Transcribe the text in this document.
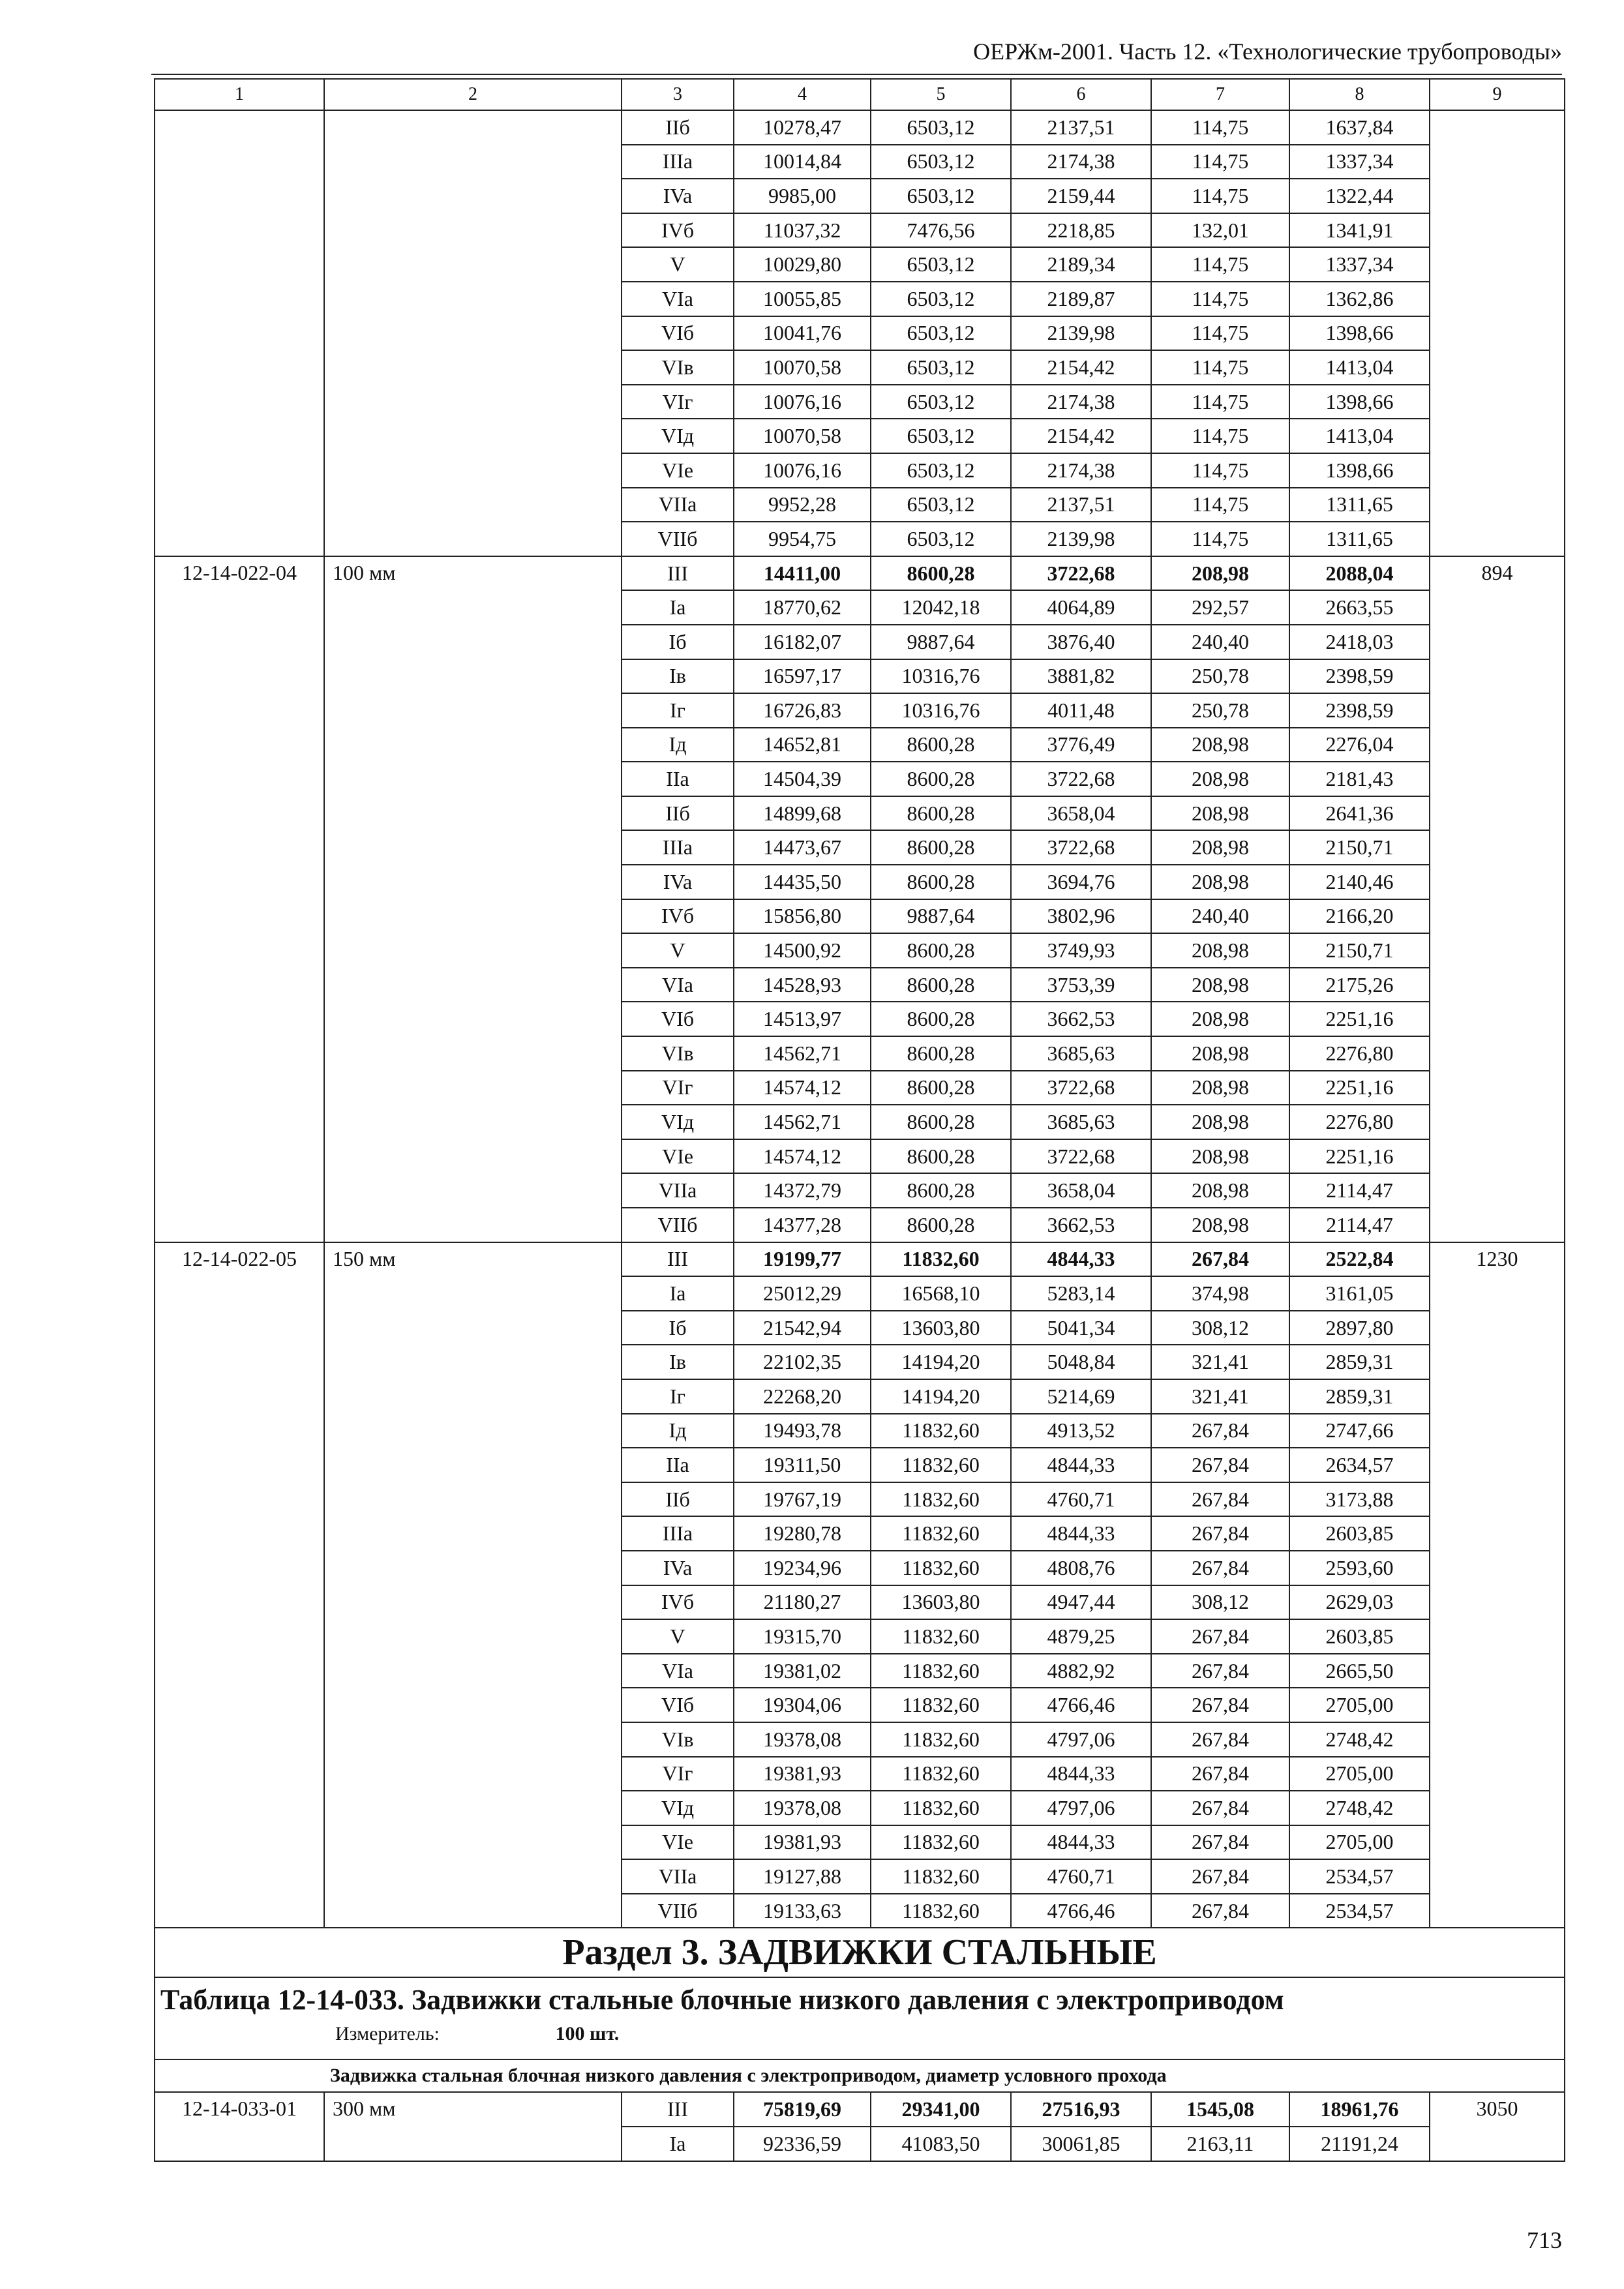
ОЕРЖм-2001. Часть 12. «Технологические трубопроводы»
1	2	3	4	5	6	7	8	9
		IIб	10278,47	6503,12	2137,51	114,75	1637,84	
		IIIa	10014,84	6503,12	2174,38	114,75	1337,34	
		IVa	9985,00	6503,12	2159,44	114,75	1322,44	
		IVб	11037,32	7476,56	2218,85	132,01	1341,91	
		V	10029,80	6503,12	2189,34	114,75	1337,34	
		VIa	10055,85	6503,12	2189,87	114,75	1362,86	
		VIб	10041,76	6503,12	2139,98	114,75	1398,66	
		VIв	10070,58	6503,12	2154,42	114,75	1413,04	
		VIг	10076,16	6503,12	2174,38	114,75	1398,66	
		VIд	10070,58	6503,12	2154,42	114,75	1413,04	
		VIe	10076,16	6503,12	2174,38	114,75	1398,66	
		VIIa	9952,28	6503,12	2137,51	114,75	1311,65	
		VIIб	9954,75	6503,12	2139,98	114,75	1311,65	
12-14-022-04	100 мм	III	14411,00	8600,28	3722,68	208,98	2088,04	894
		Ia	18770,62	12042,18	4064,89	292,57	2663,55	
		Iб	16182,07	9887,64	3876,40	240,40	2418,03	
		Iв	16597,17	10316,76	3881,82	250,78	2398,59	
		Iг	16726,83	10316,76	4011,48	250,78	2398,59	
		Iд	14652,81	8600,28	3776,49	208,98	2276,04	
		IIa	14504,39	8600,28	3722,68	208,98	2181,43	
		IIб	14899,68	8600,28	3658,04	208,98	2641,36	
		IIIa	14473,67	8600,28	3722,68	208,98	2150,71	
		IVa	14435,50	8600,28	3694,76	208,98	2140,46	
		IVб	15856,80	9887,64	3802,96	240,40	2166,20	
		V	14500,92	8600,28	3749,93	208,98	2150,71	
		VIa	14528,93	8600,28	3753,39	208,98	2175,26	
		VIб	14513,97	8600,28	3662,53	208,98	2251,16	
		VIв	14562,71	8600,28	3685,63	208,98	2276,80	
		VIг	14574,12	8600,28	3722,68	208,98	2251,16	
		VIд	14562,71	8600,28	3685,63	208,98	2276,80	
		VIe	14574,12	8600,28	3722,68	208,98	2251,16	
		VIIa	14372,79	8600,28	3658,04	208,98	2114,47	
		VIIб	14377,28	8600,28	3662,53	208,98	2114,47	
12-14-022-05	150 мм	III	19199,77	11832,60	4844,33	267,84	2522,84	1230
		Ia	25012,29	16568,10	5283,14	374,98	3161,05	
		Iб	21542,94	13603,80	5041,34	308,12	2897,80	
		Iв	22102,35	14194,20	5048,84	321,41	2859,31	
		Iг	22268,20	14194,20	5214,69	321,41	2859,31	
		Iд	19493,78	11832,60	4913,52	267,84	2747,66	
		IIa	19311,50	11832,60	4844,33	267,84	2634,57	
		IIб	19767,19	11832,60	4760,71	267,84	3173,88	
		IIIa	19280,78	11832,60	4844,33	267,84	2603,85	
		IVa	19234,96	11832,60	4808,76	267,84	2593,60	
		IVб	21180,27	13603,80	4947,44	308,12	2629,03	
		V	19315,70	11832,60	4879,25	267,84	2603,85	
		VIa	19381,02	11832,60	4882,92	267,84	2665,50	
		VIб	19304,06	11832,60	4766,46	267,84	2705,00	
		VIв	19378,08	11832,60	4797,06	267,84	2748,42	
		VIг	19381,93	11832,60	4844,33	267,84	2705,00	
		VIд	19378,08	11832,60	4797,06	267,84	2748,42	
		VIe	19381,93	11832,60	4844,33	267,84	2705,00	
		VIIa	19127,88	11832,60	4760,71	267,84	2534,57	
		VIIб	19133,63	11832,60	4766,46	267,84	2534,57	
Раздел 3. ЗАДВИЖКИ СТАЛЬНЫЕ								

Таблица 12-14-033. Задвижки стальные блочные низкого давления с электроприводом
Измеритель: 100 шт.								

Задвижка стальная блочная низкого давления с электроприводом, диаметр условного прохода								
12-14-033-01	300 мм	III	75819,69	29341,00	27516,93	1545,08	18961,76	3050
		Ia	92336,59	41083,50	30061,85	2163,11	21191,24	
713
